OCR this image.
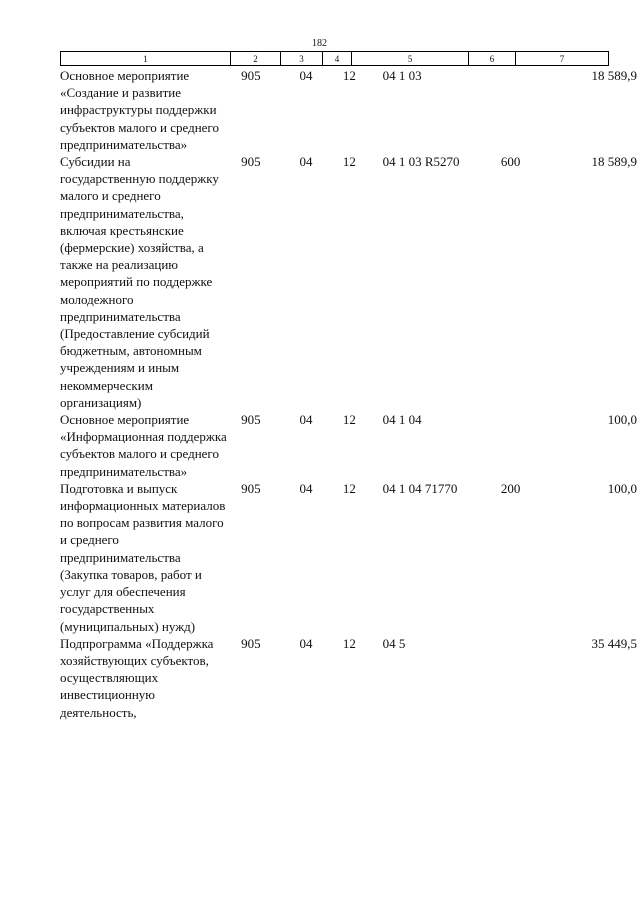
182
1	2	3	4	5	6	7
Основное мероприятие «Создание и развитие инфраструктуры поддержки субъектов малого и среднего предпринимательства»	905	04	12	04 1 03		18 589,9
Субсидии на государственную поддержку малого и среднего предпринимательства, включая крестьянские (фермерские) хозяйства, а также на реализацию мероприятий по поддержке молодежного предпринимательства (Предоставление субсидий бюджетным, автономным учреждениям и иным некоммерческим организациям)	905	04	12	04 1 03 R5270	600	18 589,9
Основное мероприятие «Информационная поддержка субъектов малого и среднего предпринимательства»	905	04	12	04 1 04		100,0
Подготовка и выпуск информационных материалов по вопросам развития малого и среднего предпринимательства (Закупка товаров, работ и услуг для обеспечения государственных (муниципальных) нужд)	905	04	12	04 1 04 71770	200	100,0
Подпрограмма «Поддержка хозяйствующих субъектов, осуществляющих инвестиционную деятельность,	905	04	12	04 5		35 449,5
